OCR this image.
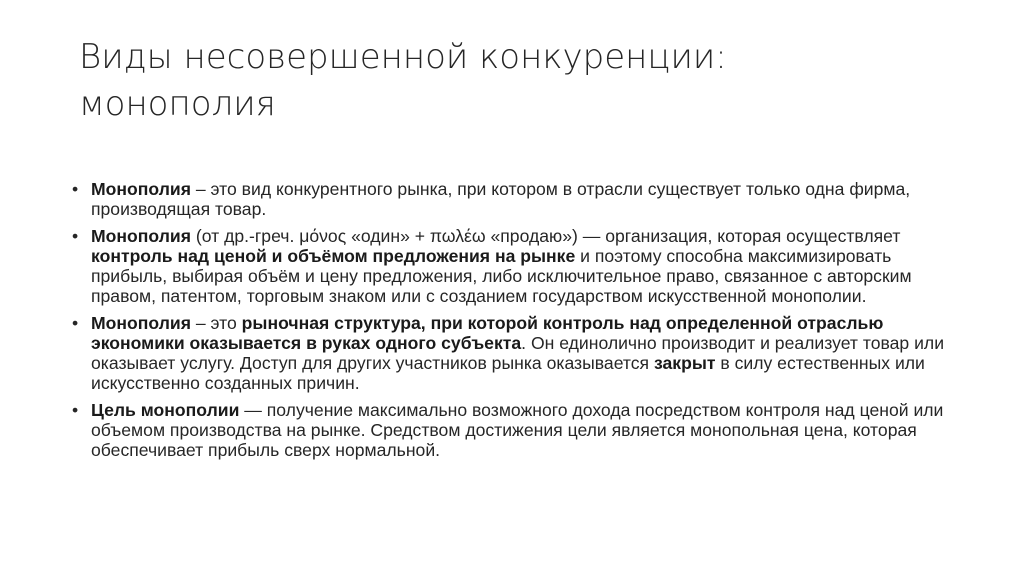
Виды несовершенной конкуренции:
монополия
• Монополия – это вид конкурентного рынка, при котором в отрасли существует только одна фирма, производящая товар.
• Монополия (от др.-греч. μόνος «один» + πωλέω «продаю») — организация, которая осуществляет контроль над ценой и объёмом предложения на рынке и поэтому способна максимизировать прибыль, выбирая объём и цену предложения, либо исключительное право, связанное с авторским правом, патентом, торговым знаком или с созданием государством искусственной монополии.
• Монополия – это рыночная структура, при которой контроль над определенной отраслью экономики оказывается в руках одного субъекта. Он единолично производит и реализует товар или оказывает услугу. Доступ для других участников рынка оказывается закрыт в силу естественных или искусственно созданных причин.
• Цель монополии — получение максимально возможного дохода посредством контроля над ценой или объемом производства на рынке. Средством достижения цели является монопольная цена, которая обеспечивает прибыль сверх нормальной.
